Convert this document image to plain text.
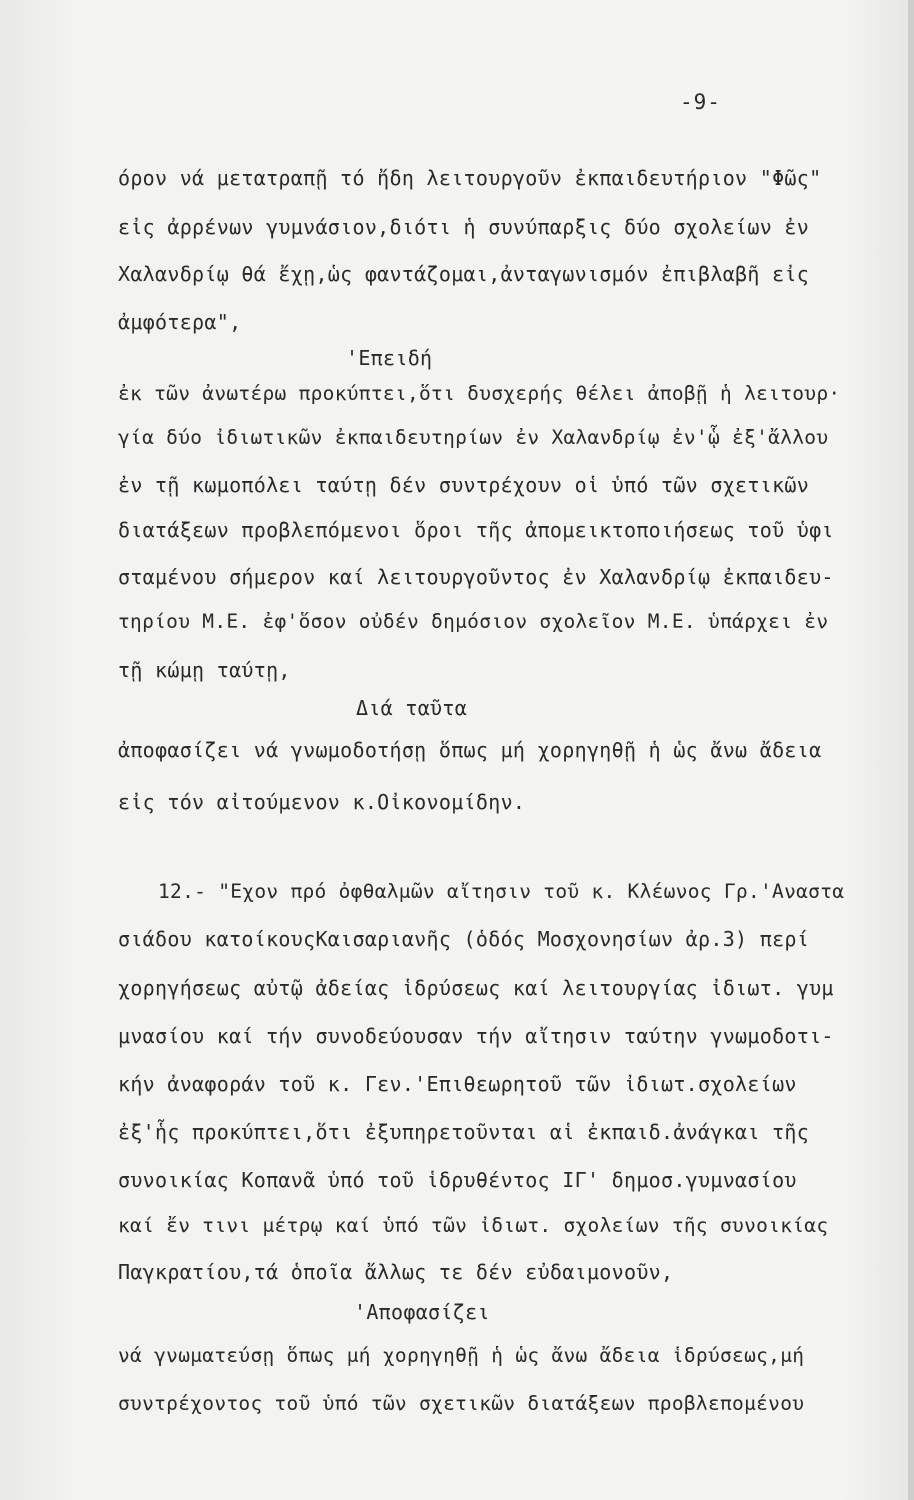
-9-
όρον νά μετατραπῇ τό ἤδη λειτουργοῦν ἐκπαιδευτήριον "Φῶς"
εἰς ἀρρένων γυμνάσιον,διότι ἡ συνύπαρξις δύο σχολείων ἐν
Χαλανδρίῳ θά ἔχῃ,ὡς φαντάζομαι,ἀνταγωνισμόν ἐπιβλαβῆ εἰς
ἀμφότερα",
'Επειδή
ἐκ τῶν ἀνωτέρω προκύπτει,ὅτι δυσχερής θέλει ἀποβῇ ἡ λειτουρ·
γία δύο ἰδιωτικῶν ἐκπαιδευτηρίων ἐν Χαλανδρίῳ ἐν'ᾧ ἐξ'ἄλλου
ἐν τῇ κωμοπόλει ταύτῃ δέν συντρέχουν οἱ ὑπό τῶν σχετικῶν
διατάξεων προβλεπόμενοι ὅροι τῆς ἀπομεικτοποιήσεως τοῦ ὑφι
σταμένου σήμερον καί λειτουργοῦντος ἐν Χαλανδρίῳ ἐκπαιδευ-
τηρίου Μ.Ε. ἐφ'ὅσον οὐδέν δημόσιον σχολεῖον Μ.Ε. ὑπάρχει ἐν
τῇ κώμῃ ταύτῃ,
Διά ταῦτα
ἀποφασίζει νά γνωμοδοτήσῃ ὅπως μή χορηγηθῇ ἡ ὡς ἄνω ἄδεια
εἰς τόν αἰτούμενον κ.Οἰκονομίδην.
12.- "Εχον πρό ὀφθαλμῶν αἴτησιν τοῦ κ. Κλέωνος Γρ.'Αναστα
σιάδου κατοίκουςΚαισαριανῆς (ὁδός Μοσχονησίων ἀρ.3) περί
χορηγήσεως αὐτῷ ἀδείας ἱδρύσεως καί λειτουργίας ἰδιωτ. γυμ
μνασίου καί τήν συνοδεύουσαν τήν αἴτησιν ταύτην γνωμοδοτι-
κήν ἀναφοράν τοῦ κ. Γεν.'Επιθεωρητοῦ τῶν ἰδιωτ.σχολείων
ἐξ'ἧς προκύπτει,ὅτι ἐξυπηρετοῦνται αἱ ἐκπαιδ.ἀνάγκαι τῆς
συνοικίας Κοπανᾶ ὑπό τοῦ ἱδρυθέντος ΙΓ' δημοσ.γυμνασίου
καί ἔν τινι μέτρῳ καί ὑπό τῶν ἰδιωτ. σχολείων τῆς συνοικίας
Παγκρατίου,τά ὁποῖα ἄλλως τε δέν εὐδαιμονοῦν,
'Αποφασίζει
νά γνωματεύσῃ ὅπως μή χορηγηθῇ ἡ ὡς ἄνω ἄδεια ἱδρύσεως,μή
συντρέχοντος τοῦ ὑπό τῶν σχετικῶν διατάξεων προβλεπομένου
